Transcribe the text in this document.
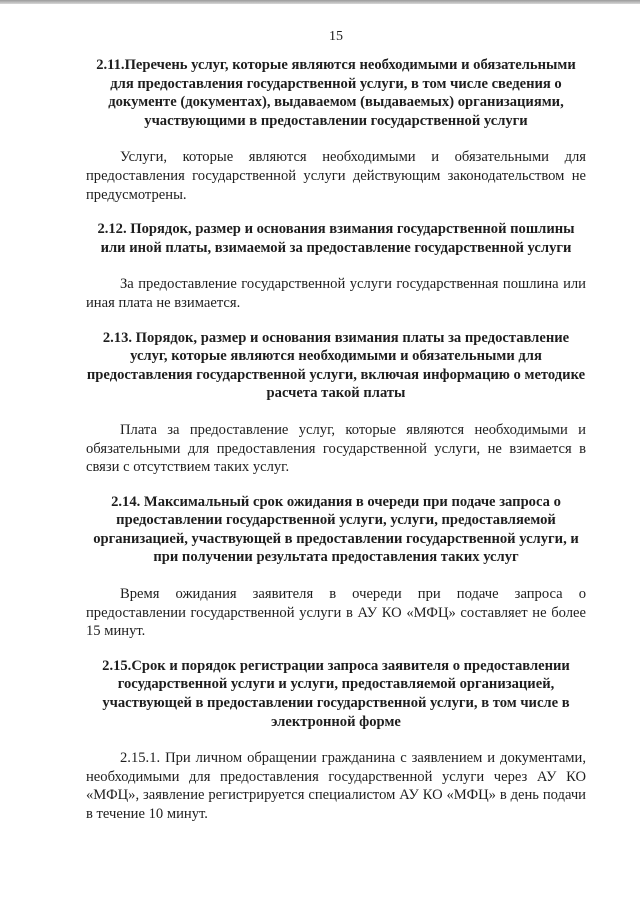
15

2.11.Перечень услуг, которые являются необходимыми и обязательными для предоставления государственной услуги, в том числе сведения о документе (документах), выдаваемом (выдаваемых) организациями, участвующими в предоставлении государственной услуги

Услуги, которые являются необходимыми и обязательными для предоставления государственной услуги действующим законодательством не предусмотрены.

2.12. Порядок, размер и основания взимания государственной пошлины или иной платы, взимаемой за предоставление государственной услуги

За предоставление государственной услуги государственная пошлина или иная плата не взимается.

2.13. Порядок, размер и основания взимания платы за предоставление услуг, которые являются необходимыми и обязательными для предоставления государственной услуги, включая информацию о методике расчета такой платы

Плата за предоставление услуг, которые являются необходимыми и обязательными для предоставления государственной услуги, не взимается в связи с отсутствием таких услуг.

2.14. Максимальный срок ожидания в очереди при подаче запроса о предоставлении государственной услуги, услуги, предоставляемой организацией, участвующей в предоставлении государственной услуги, и при получении результата предоставления таких услуг

Время ожидания заявителя в очереди при подаче запроса о предоставлении государственной услуги в АУ КО «МФЦ» составляет не более 15 минут.

2.15.Срок и порядок регистрации запроса заявителя о предоставлении государственной услуги и услуги, предоставляемой организацией, участвующей в предоставлении государственной услуги, в том числе в электронной форме

2.15.1. При личном обращении гражданина с заявлением и документами, необходимыми для предоставления государственной услуги через АУ КО «МФЦ», заявление регистрируется специалистом АУ КО «МФЦ» в день подачи в течение 10 минут.
